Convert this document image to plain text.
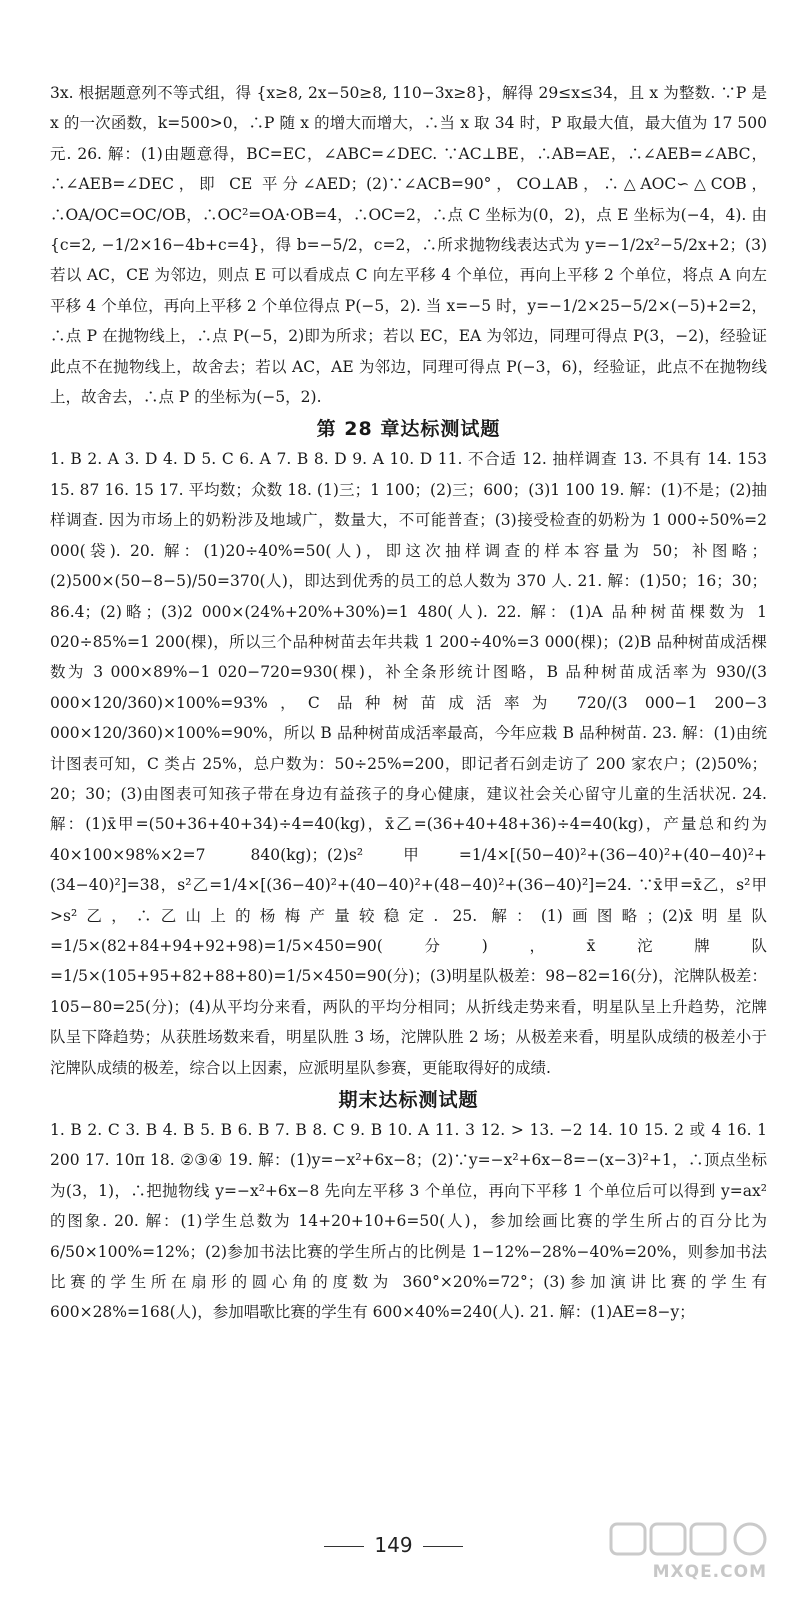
3x. 根据题意列不等式组，得 {x≥8, 2x−50≥8, 110−3x≥8}，解得 29≤x≤34，且 x 为整数. ∵P 是 x 的一次函数，k=500>0，∴P 随 x 的增大而增大，∴当 x 取 34 时，P 取最大值，最大值为 17 500元. 26. 解：(1)由题意得，BC=EC，∠ABC=∠DEC. ∵AC⊥BE，∴AB=AE，∴∠AEB=∠ABC，∴∠AEB=∠DEC，即 CE 平分∠AED；(2)∵∠ACB=90°，CO⊥AB，∴△AOC∽△COB，∴OA/OC=OC/OB，∴OC²=OA·OB=4，∴OC=2，∴点 C 坐标为(0，2)，点 E 坐标为(−4，4). 由 {c=2, −1/2×16−4b+c=4}，得 b=−5/2，c=2，∴所求抛物线表达式为 y=−1/2x²−5/2x+2；(3)若以 AC，CE 为邻边，则点 E 可以看成点 C 向左平移 4 个单位，再向上平移 2 个单位，将点 A 向左平移 4 个单位，再向上平移 2 个单位得点 P(−5，2). 当 x=−5 时，y=−1/2×25−5/2×(−5)+2=2，∴点 P 在抛物线上，∴点 P(−5，2)即为所求；若以 EC，EA 为邻边，同理可得点 P(3，−2)，经验证此点不在抛物线上，故舍去；若以 AC，AE 为邻边，同理可得点 P(−3，6)，经验证，此点不在抛物线上，故舍去，∴点 P 的坐标为(−5，2).

第 28 章达标测试题

1. B 2. A 3. D 4. D 5. C 6. A 7. B 8. D 9. A 10. D 11. 不合适 12. 抽样调查 13. 不具有 14. 153 15. 87 16. 15 17. 平均数；众数 18. (1)三；1 100；(2)三；600；(3)1 100 19. 解：(1)不是；(2)抽样调查. 因为市场上的奶粉涉及地域广，数量大，不可能普查；(3)接受检查的奶粉为 1 000÷50%=2 000(袋). 20. 解：(1)20÷40%=50(人)，即这次抽样调查的样本容量为 50；补图略；(2)500×(50−8−5)/50=370(人)，即达到优秀的员工的总人数为 370 人. 21. 解：(1)50；16；30；86.4；(2)略；(3)2 000×(24%+20%+30%)=1 480(人). 22. 解：(1)A 品种树苗棵数为 1 020÷85%=1 200(棵)，所以三个品种树苗去年共栽 1 200÷40%=3 000(棵)；(2)B 品种树苗成活棵数为 3 000×89%−1 020−720=930(棵)，补全条形统计图略，B 品种树苗成活率为 930/(3 000×120/360)×100%=93%，C 品种树苗成活率为 720/(3 000−1 200−3 000×120/360)×100%=90%，所以 B 品种树苗成活率最高，今年应栽 B 品种树苗. 23. 解：(1)由统计图表可知，C 类占 25%，总户数为：50÷25%=200，即记者石剑走访了 200 家农户；(2)50%；20；30；(3)由图表可知孩子带在身边有益孩子的身心健康，建议社会关心留守儿童的生活状况. 24. 解：(1)x̄甲=(50+36+40+34)÷4=40(kg)，x̄乙=(36+40+48+36)÷4=40(kg)，产量总和约为 40×100×98%×2=7 840(kg)；(2)s²甲=1/4×[(50−40)²+(36−40)²+(40−40)²+(34−40)²]=38，s²乙=1/4×[(36−40)²+(40−40)²+(48−40)²+(36−40)²]=24. ∵x̄甲=x̄乙，s²甲>s²乙，∴乙山上的杨梅产量较稳定. 25. 解：(1)画图略；(2)x̄明星队=1/5×(82+84+94+92+98)=1/5×450=90(分)，x̄沱牌队=1/5×(105+95+82+88+80)=1/5×450=90(分)；(3)明星队极差：98−82=16(分)，沱牌队极差：105−80=25(分)；(4)从平均分来看，两队的平均分相同；从折线走势来看，明星队呈上升趋势，沱牌队呈下降趋势；从获胜场数来看，明星队胜 3 场，沱牌队胜 2 场；从极差来看，明星队成绩的极差小于沱牌队成绩的极差，综合以上因素，应派明星队参赛，更能取得好的成绩.

期末达标测试题

1. B 2. C 3. B 4. B 5. B 6. B 7. B 8. C 9. B 10. A 11. 3 12. > 13. −2 14. 10 15. 2 或 4 16. 1 200 17. 10π 18. ②③④ 19. 解：(1)y=−x²+6x−8；(2)∵y=−x²+6x−8=−(x−3)²+1，∴顶点坐标为(3，1)，∴把抛物线 y=−x²+6x−8 先向左平移 3 个单位，再向下平移 1 个单位后可以得到 y=ax² 的图象. 20. 解：(1)学生总数为 14+20+10+6=50(人)，参加绘画比赛的学生所占的百分比为 6/50×100%=12%；(2)参加书法比赛的学生所占的比例是 1−12%−28%−40%=20%，则参加书法比赛的学生所在扇形的圆心角的度数为 360°×20%=72°；(3)参加演讲比赛的学生有 600×28%=168(人)，参加唱歌比赛的学生有 600×40%=240(人). 21. 解：(1)AE=8−y；

149
MXQE.COM
